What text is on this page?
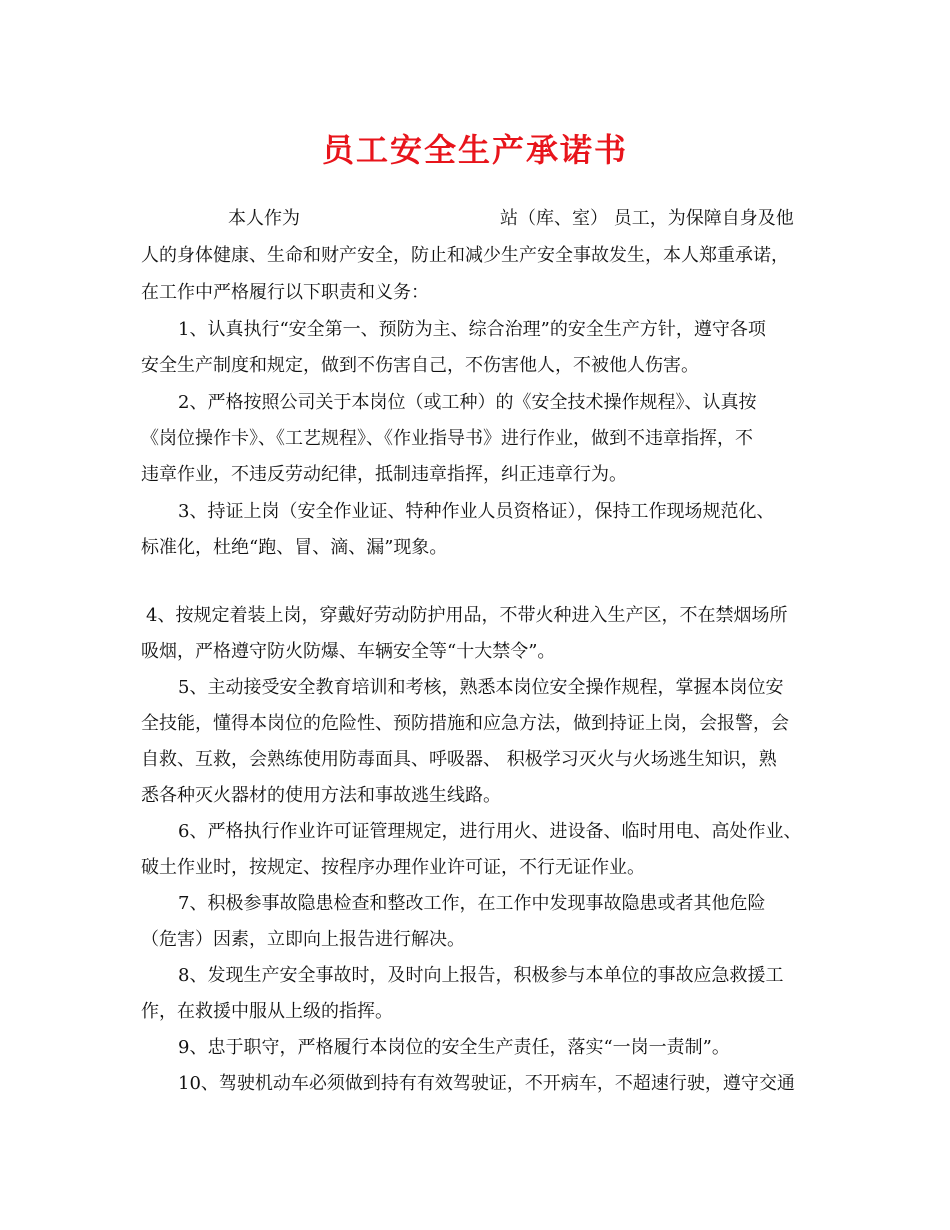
员工安全生产承诺书
本人作为	站（库、室） 员工，为保障自身及他
人的身体健康、生命和财产安全，防止和减少生产安全事故发生，本人郑重承诺，
在工作中严格履行以下职责和义务：
1、认真执行“安全第一、预防为主、综合治理”的安全生产方针，遵守各项
安全生产制度和规定，做到不伤害自己，不伤害他人，不被他人伤害。
2、严格按照公司关于本岗位（或工种）的《安全技术操作规程》、认真按
《岗位操作卡》、《工艺规程》、《作业指导书》进行作业，做到不违章指挥，不
违章作业，不违反劳动纪律，抵制违章指挥，纠正违章行为。
3、持证上岗（安全作业证、特种作业人员资格证），保持工作现场规范化、
标准化，杜绝“跑、冒、滴、漏”现象。
4、按规定着装上岗，穿戴好劳动防护用品，不带火种进入生产区，不在禁烟场所
吸烟，严格遵守防火防爆、车辆安全等“十大禁令”。
5、主动接受安全教育培训和考核，熟悉本岗位安全操作规程，掌握本岗位安
全技能，懂得本岗位的危险性、预防措施和应急方法，做到持证上岗，会报警，会
自救、互救，会熟练使用防毒面具、呼吸器、 积极学习灭火与火场逃生知识，熟
悉各种灭火器材的使用方法和事故逃生线路。
6、严格执行作业许可证管理规定，进行用火、进设备、临时用电、高处作业、
破土作业时，按规定、按程序办理作业许可证，不行无证作业。
7、积极参事故隐患检查和整改工作，在工作中发现事故隐患或者其他危险
（危害）因素，立即向上报告进行解决。
8、发现生产安全事故时，及时向上报告，积极参与本单位的事故应急救援工
作，在救援中服从上级的指挥。
9、忠于职守，严格履行本岗位的安全生产责任，落实“一岗一责制”。
10、驾驶机动车必须做到持有有效驾驶证，不开病车，不超速行驶，遵守交通
